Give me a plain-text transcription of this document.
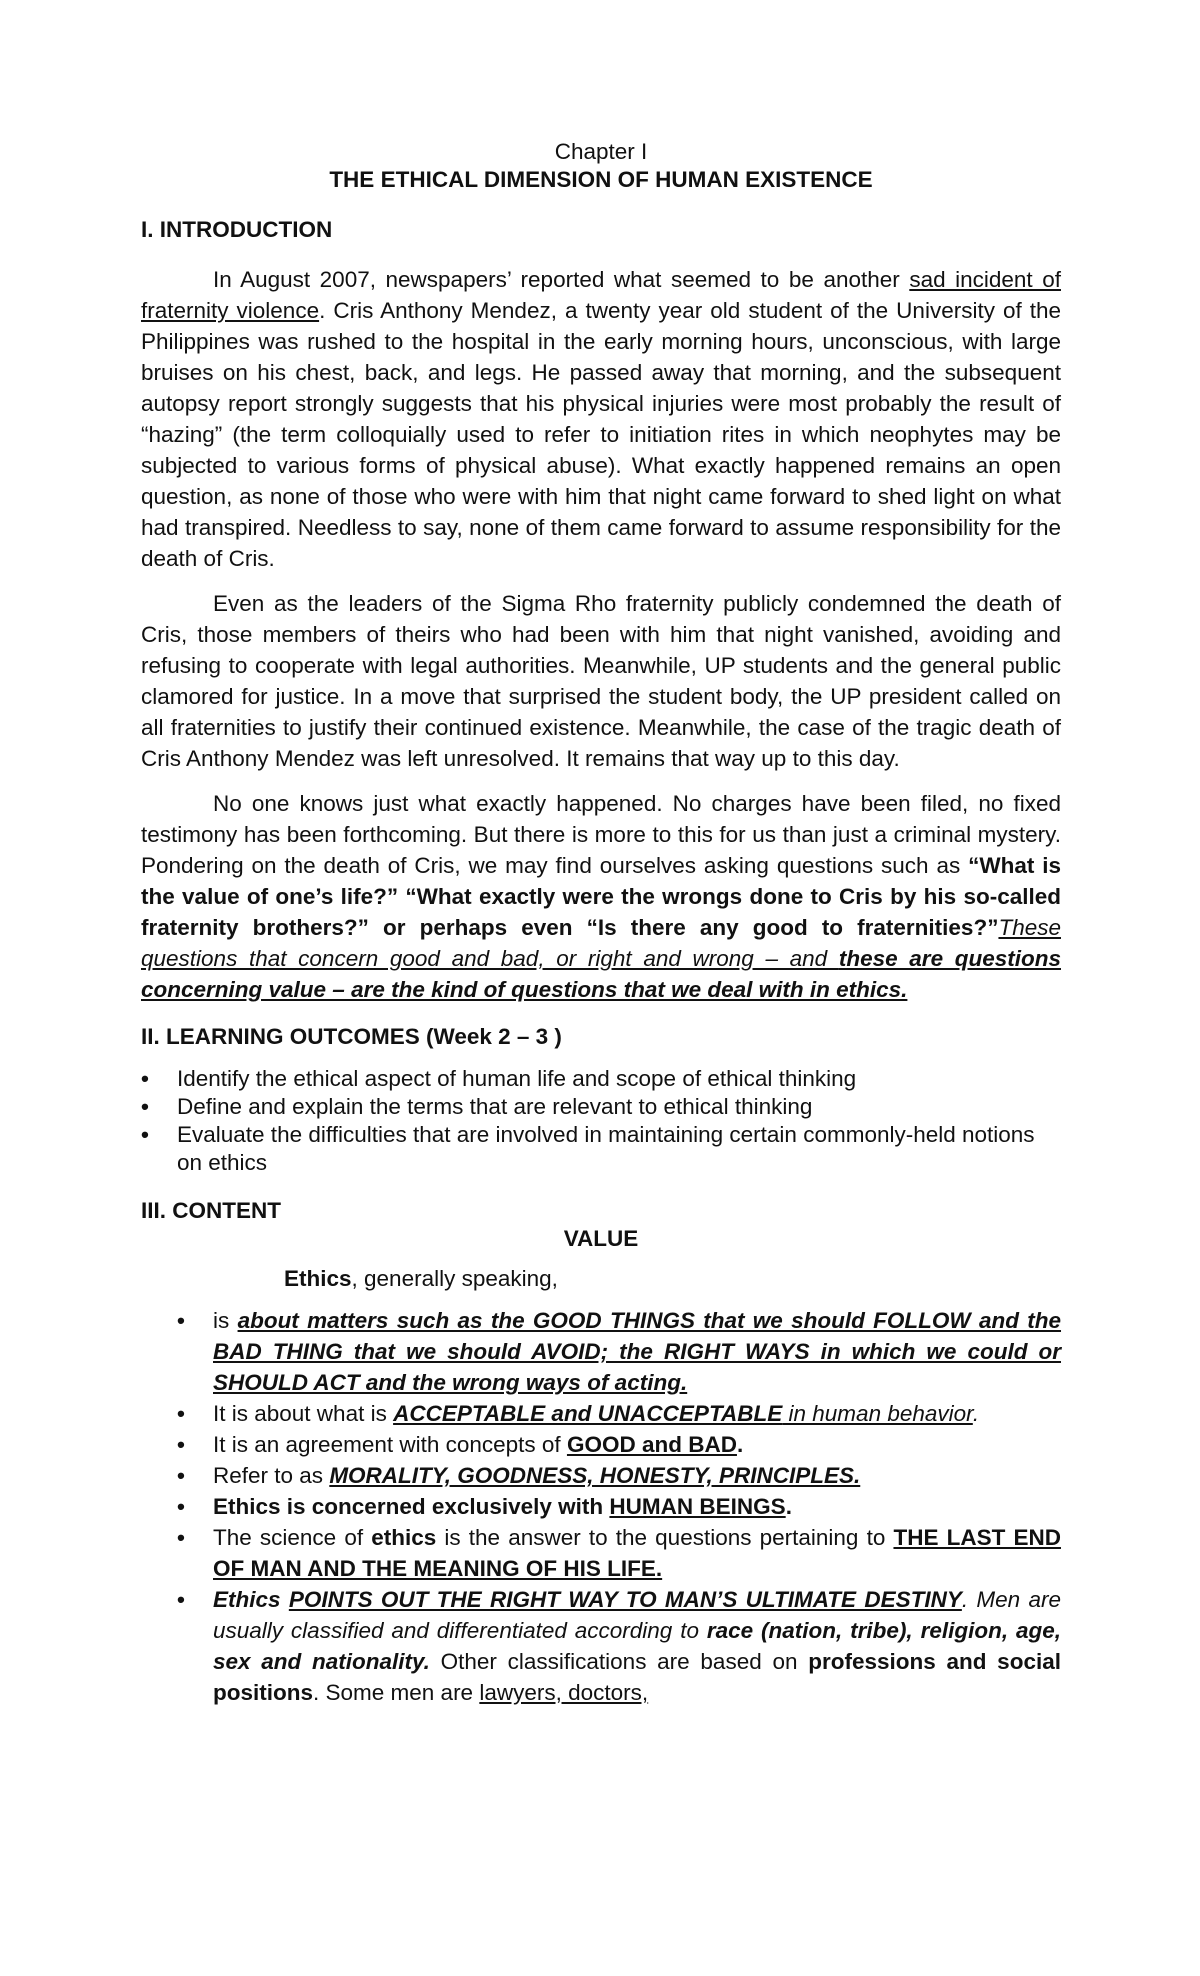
Chapter I
THE ETHICAL DIMENSION OF HUMAN EXISTENCE
I. INTRODUCTION

In August 2007, newspapers’ reported what seemed to be another sad incident of fraternity violence. Cris Anthony Mendez, a twenty year old student of the University of the Philippines was rushed to the hospital in the early morning hours, unconscious, with large bruises on his chest, back, and legs. He passed away that morning, and the subsequent autopsy report strongly suggests that his physical injuries were most probably the result of “hazing” (the term colloquially used to refer to initiation rites in which neophytes may be subjected to various forms of physical abuse). What exactly happened remains an open question, as none of those who were with him that night came forward to shed light on what had transpired. Needless to say, none of them came forward to assume responsibility for the death of Cris.

Even as the leaders of the Sigma Rho fraternity publicly condemned the death of Cris, those members of theirs who had been with him that night vanished, avoiding and refusing to cooperate with legal authorities. Meanwhile, UP students and the general public clamored for justice. In a move that surprised the student body, the UP president called on all fraternities to justify their continued existence. Meanwhile, the case of the tragic death of Cris Anthony Mendez was left unresolved. It remains that way up to this day.

No one knows just what exactly happened. No charges have been filed, no fixed testimony has been forthcoming. But there is more to this for us than just a criminal mystery. Pondering on the death of Cris, we may find ourselves asking questions such as “What is the value of one’s life?” “What exactly were the wrongs done to Cris by his so-called fraternity brothers?” or perhaps even “Is there any good to fraternities?”These questions that concern good and bad, or right and wrong – and these are questions concerning value – are the kind of questions that we deal with in ethics.

II. LEARNING OUTCOMES (Week 2 – 3 )
• Identify the ethical aspect of human life and scope of ethical thinking
• Define and explain the terms that are relevant to ethical thinking
• Evaluate the difficulties that are involved in maintaining certain commonly-held notions on ethics
III. CONTENT
VALUE
Ethics, generally speaking,
• is about matters such as the GOOD THINGS that we should FOLLOW and the BAD THING that we should AVOID; the RIGHT WAYS in which we could or SHOULD ACT and the wrong ways of acting.
• It is about what is ACCEPTABLE and UNACCEPTABLE in human behavior.
• It is an agreement with concepts of GOOD and BAD.
• Refer to as MORALITY, GOODNESS, HONESTY, PRINCIPLES.
• Ethics is concerned exclusively with HUMAN BEINGS.
• The science of ethics is the answer to the questions pertaining to THE LAST END OF MAN AND THE MEANING OF HIS LIFE.
• Ethics POINTS OUT THE RIGHT WAY TO MAN’S ULTIMATE DESTINY. Men are usually classified and differentiated according to race (nation, tribe), religion, age, sex and nationality. Other classifications are based on professions and social positions. Some men are lawyers, doctors,
